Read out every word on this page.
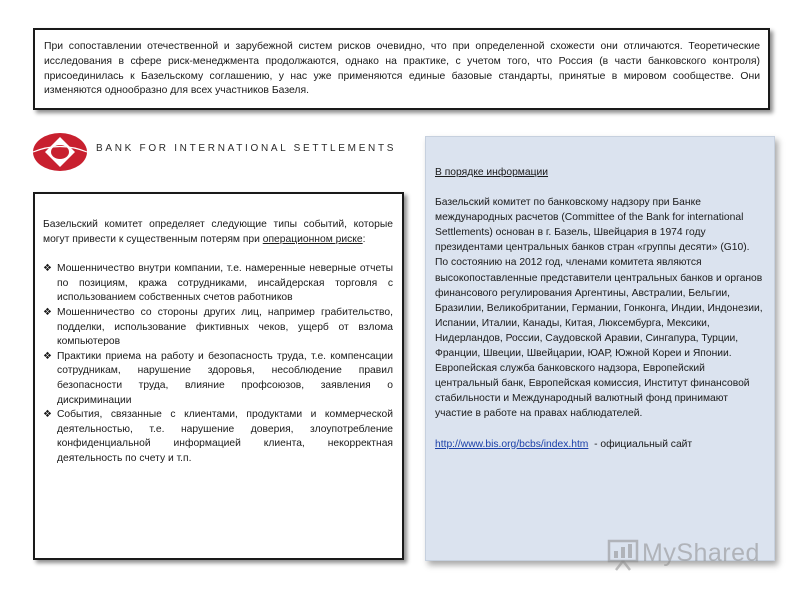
При сопоставлении отечественной и зарубежной систем рисков очевидно, что при определенной схожести они отличаются. Теоретические исследования в сфере риск-менеджмента продолжаются, однако на практике, с учетом того, что Россия (в части банковского контроля) присоединилась к Базельскому соглашению, у нас уже применяются единые базовые стандарты, принятые в мировом сообществе. Они изменяются однообразно для всех участников Базеля.
BANK FOR INTERNATIONAL SETTLEMENTS

Базельский комитет определяет следующие типы событий, которые могут привести к существенным потерям при операционном риске:

❖ Мошенничество внутри компании, т.е. намеренные неверные отчеты по позициям, кража сотрудниками, инсайдерская торговля с использованием собственных счетов работников
❖ Мошенничество со стороны других лиц, например грабительство, подделки, использование фиктивных чеков, ущерб от взлома компьютеров
❖ Практики приема на работу и безопасность труда, т.е. компенсации сотрудникам, нарушение здоровья, несоблюдение правил безопасности труда, влияние профсоюзов, заявления о дискриминации
❖ События, связанные с клиентами, продуктами и коммерческой деятельностью, т.е. нарушение доверия, злоупотребление конфиденциальной информацией клиента, некорректная деятельность по счету и т.п.
В порядке информации
Базельский комитет по банковскому надзору при Банке международных расчетов (Committee of the Bank for international Settlements) основан в г. Базель, Швейцария в 1974 году президентами центральных банков стран «группы десяти» (G10). По состоянию на 2012 год, членами комитета являются высокопоставленные представители центральных банков и органов финансового регулирования Аргентины, Австралии, Бельгии, Бразилии, Великобритании, Германии, Гонконга, Индии, Индонезии, Испании, Италии, Канады, Китая, Люксембурга, Мексики, Нидерландов, России, Саудовской Аравии, Сингапура, Турции, Франции, Швеции, Швейцарии, ЮАР, Южной Кореи и Японии. Европейская служба банковского надзора, Европейский центральный банк, Европейская комиссия, Институт финансовой стабильности и Международный валютный фонд принимают участие в работе на правах наблюдателей.
http://www.bis.org/bcbs/index.htm  - официальный сайт
MyShared
